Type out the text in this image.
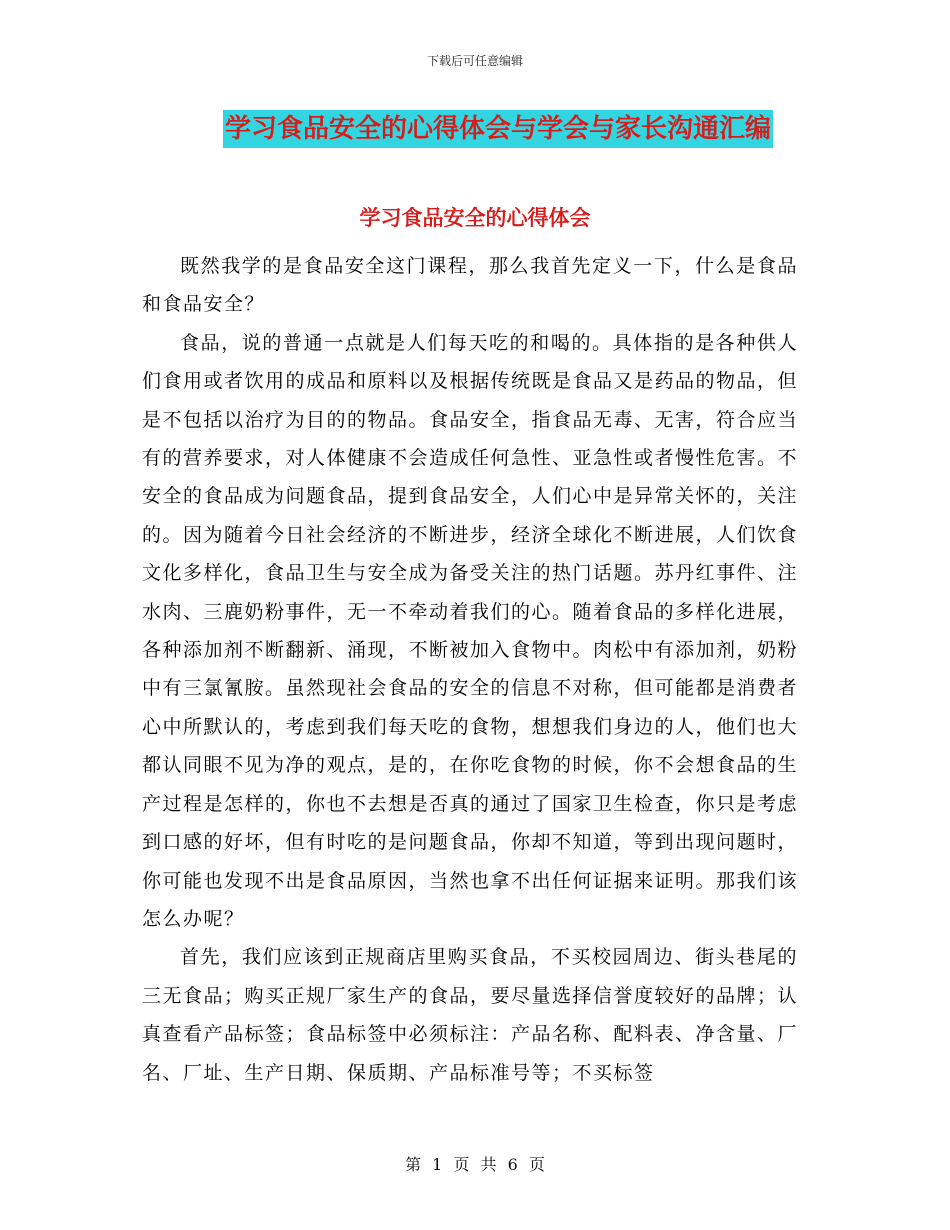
下载后可任意编辑
学习食品安全的心得体会与学会与家长沟通汇编
学习食品安全的心得体会

既然我学的是食品安全这门课程，那么我首先定义一下，什么是食品和食品安全？

食品，说的普通一点就是人们每天吃的和喝的。具体指的是各种供人们食用或者饮用的成品和原料以及根据传统既是食品又是药品的物品，但是不包括以治疗为目的的物品。食品安全，指食品无毒、无害，符合应当有的营养要求，对人体健康不会造成任何急性、亚急性或者慢性危害。不安全的食品成为问题食品，提到食品安全，人们心中是异常关怀的，关注的。因为随着今日社会经济的不断进步，经济全球化不断进展，人们饮食文化多样化，食品卫生与安全成为备受关注的热门话题。苏丹红事件、注水肉、三鹿奶粉事件，无一不牵动着我们的心。随着食品的多样化进展，各种添加剂不断翻新、涌现，不断被加入食物中。肉松中有添加剂，奶粉中有三氯氰胺。虽然现社会食品的安全的信息不对称，但可能都是消费者心中所默认的，考虑到我们每天吃的食物，想想我们身边的人，他们也大都认同眼不见为净的观点，是的，在你吃食物的时候，你不会想食品的生产过程是怎样的，你也不去想是否真的通过了国家卫生检查，你只是考虑到口感的好坏，但有时吃的是问题食品，你却不知道，等到出现问题时，你可能也发现不出是食品原因，当然也拿不出任何证据来证明。那我们该怎么办呢？

首先，我们应该到正规商店里购买食品，不买校园周边、街头巷尾的三无食品；购买正规厂家生产的食品，要尽量选择信誉度较好的品牌；认真查看产品标签；食品标签中必须标注：产品名称、配料表、净含量、厂名、厂址、生产日期、保质期、产品标准号等；不买标签

第 1 页 共 6 页
